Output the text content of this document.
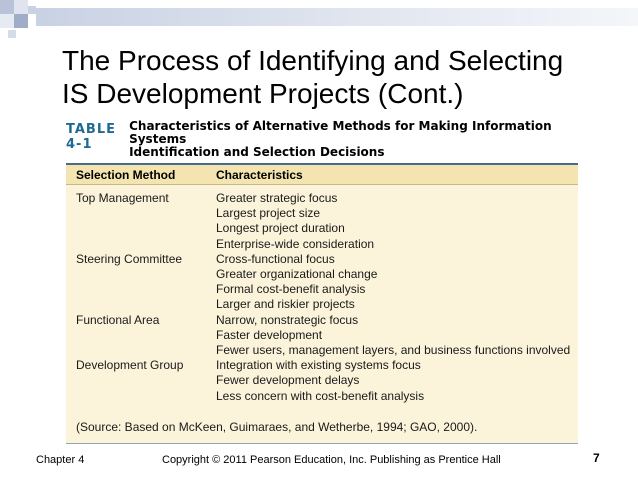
The Process of Identifying and Selecting
IS Development Projects (Cont.)
TABLE 4-1
Characteristics of Alternative Methods for Making Information Systems
Identification and Selection Decisions
Selection Method	Characteristics
Top Management	Greater strategic focus
Largest project size
Longest project duration
Enterprise-wide consideration
Steering Committee	Cross-functional focus
Greater organizational change
Formal cost-benefit analysis
Larger and riskier projects
Functional Area	Narrow, nonstrategic focus
Faster development
Fewer users, management layers, and business functions involved
Development Group	Integration with existing systems focus
Fewer development delays
Less concern with cost-benefit analysis
(Source: Based on McKeen, Guimaraes, and Wetherbe, 1994; GAO, 2000).
Chapter 4	Copyright © 2011 Pearson Education, Inc. Publishing as Prentice Hall	7
